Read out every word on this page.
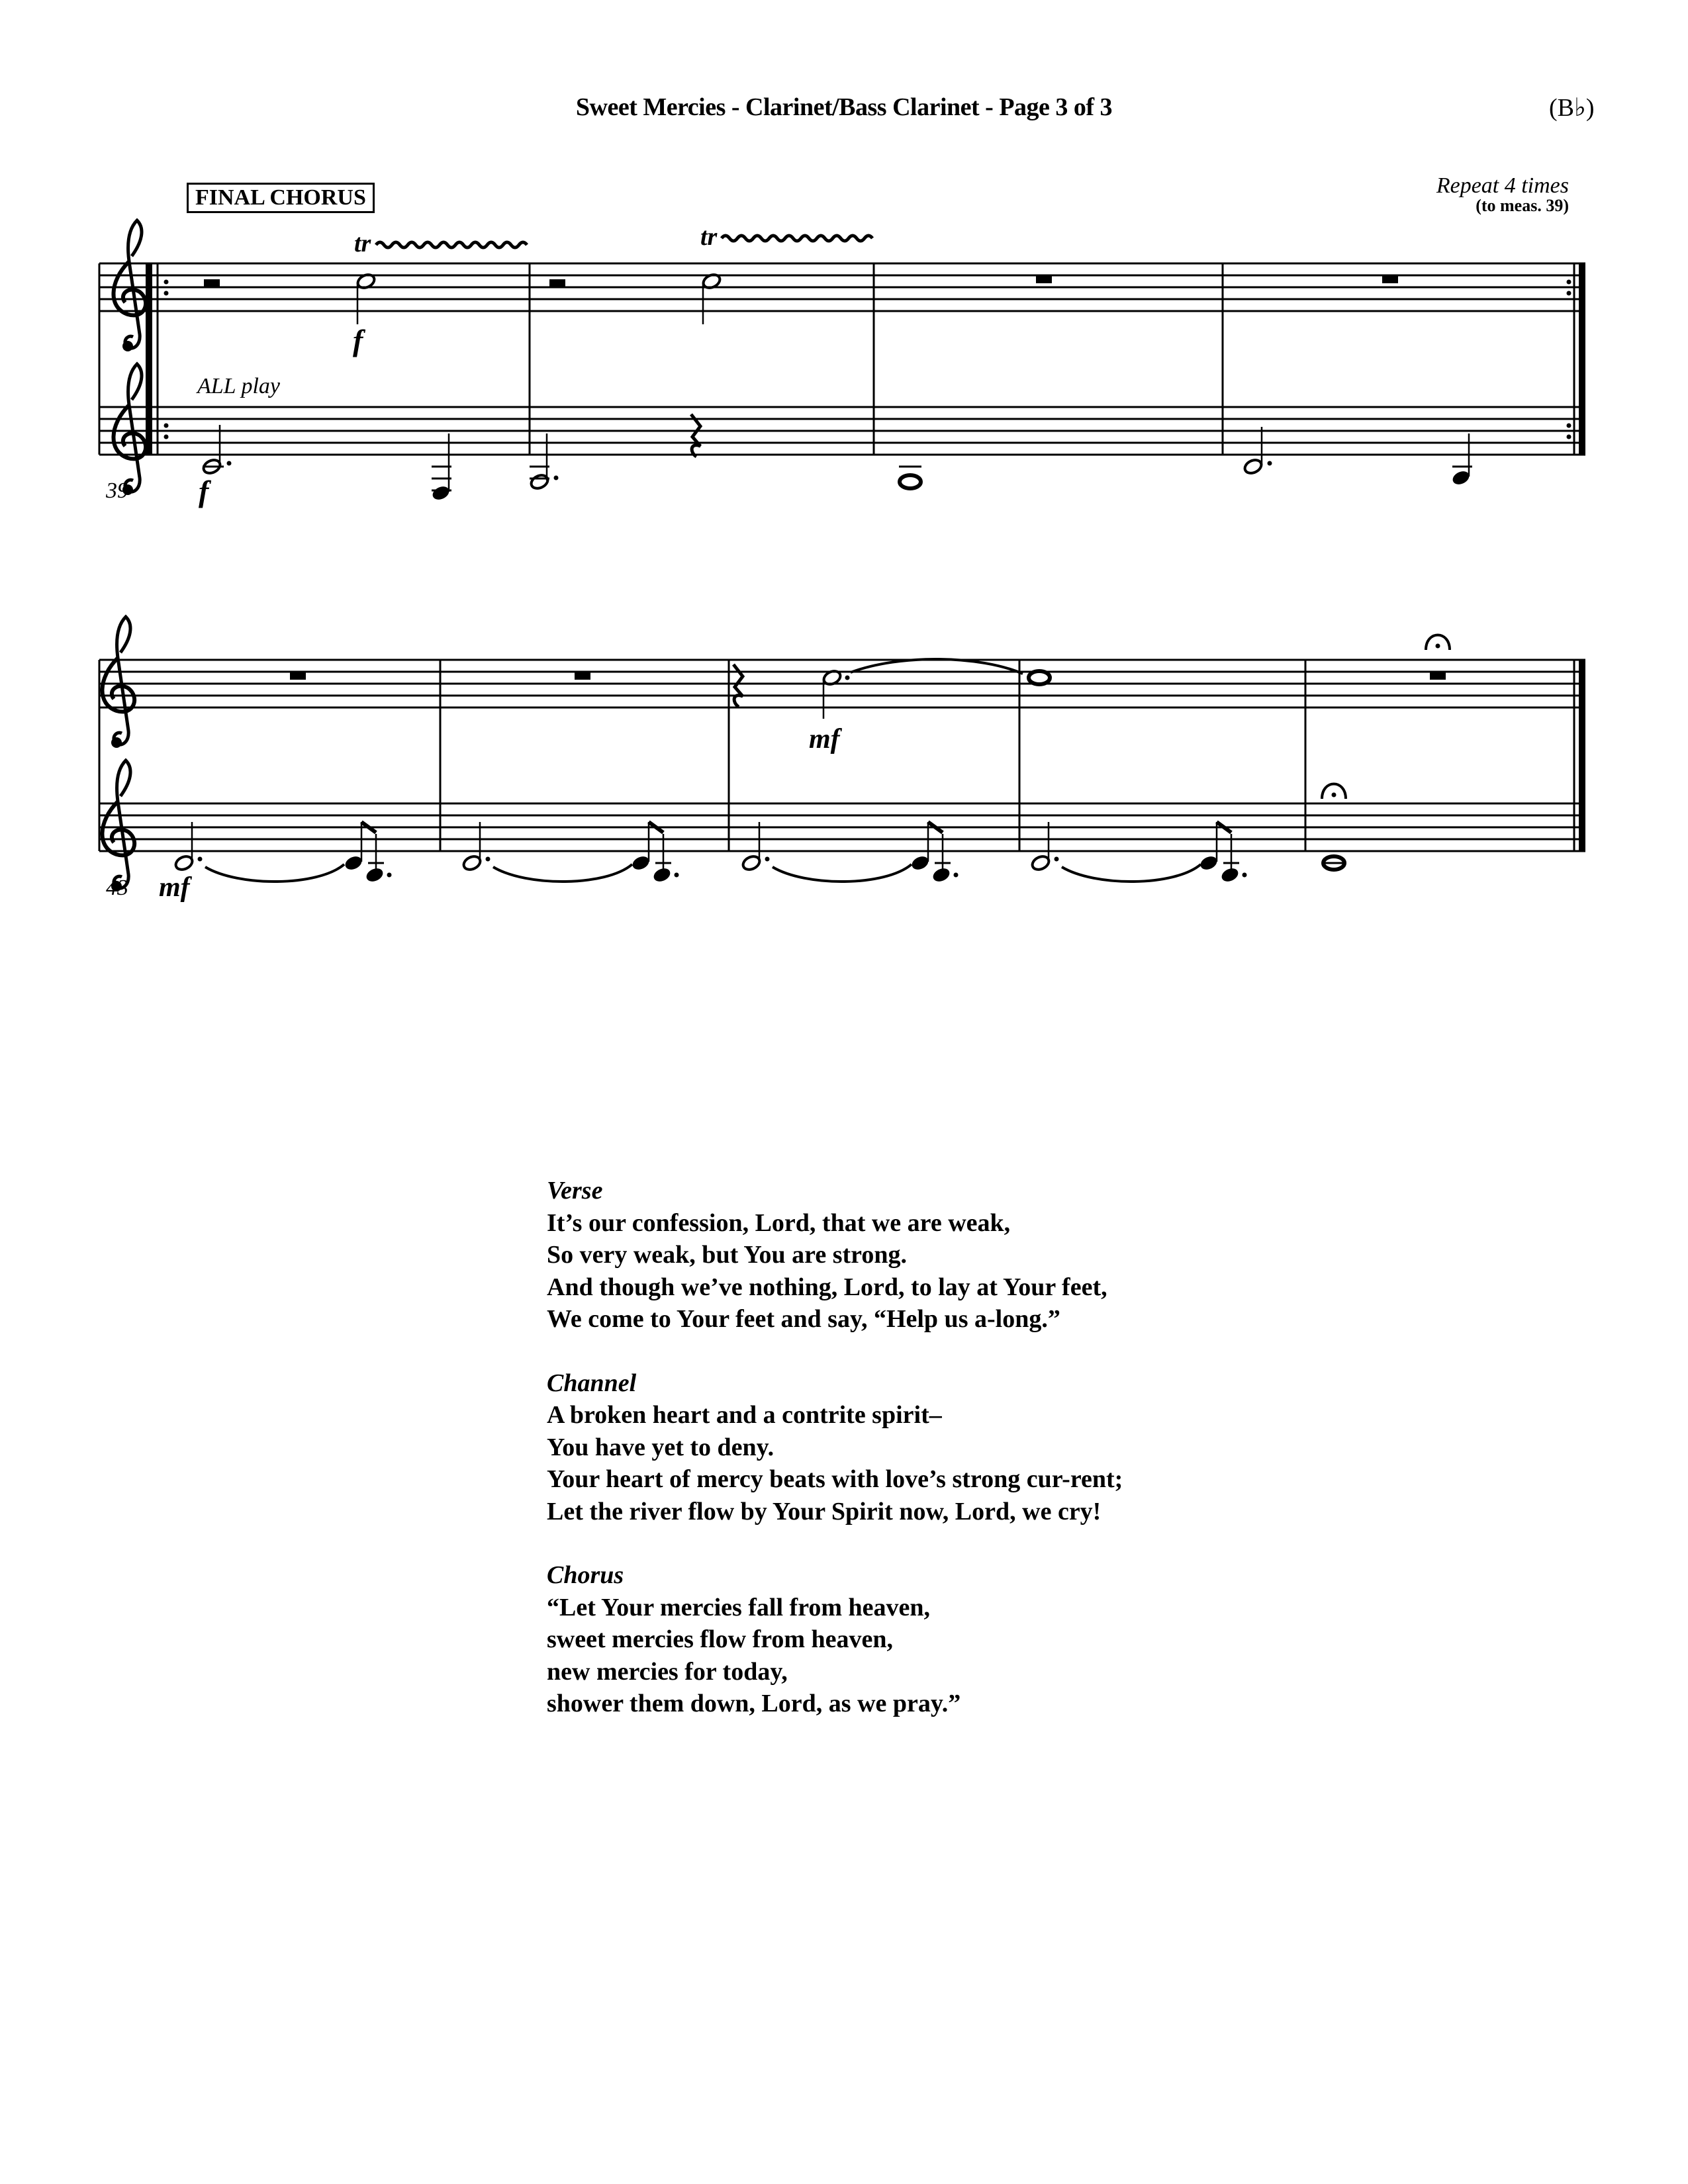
Sweet Mercies - Clarinet/Bass Clarinet - Page 3 of 3	(B♭)
FINAL CHORUS	Repeat 4 times
(to meas. 39)
tr
f
tr
ALL play
f
39
mf
43 mf
Verse
It’s our confession, Lord, that we are weak,
So very weak, but You are strong.
And though we’ve nothing, Lord, to lay at Your feet,
We come to Your feet and say, “Help us a-long.”
Channel
A broken heart and a contrite spirit–
You have yet to deny.
Your heart of mercy beats with love’s strong cur-rent;
Let the river flow by Your Spirit now, Lord, we cry!
Chorus
“Let Your mercies fall from heaven,
sweet mercies flow from heaven,
new mercies for today,
shower them down, Lord, as we pray.”
